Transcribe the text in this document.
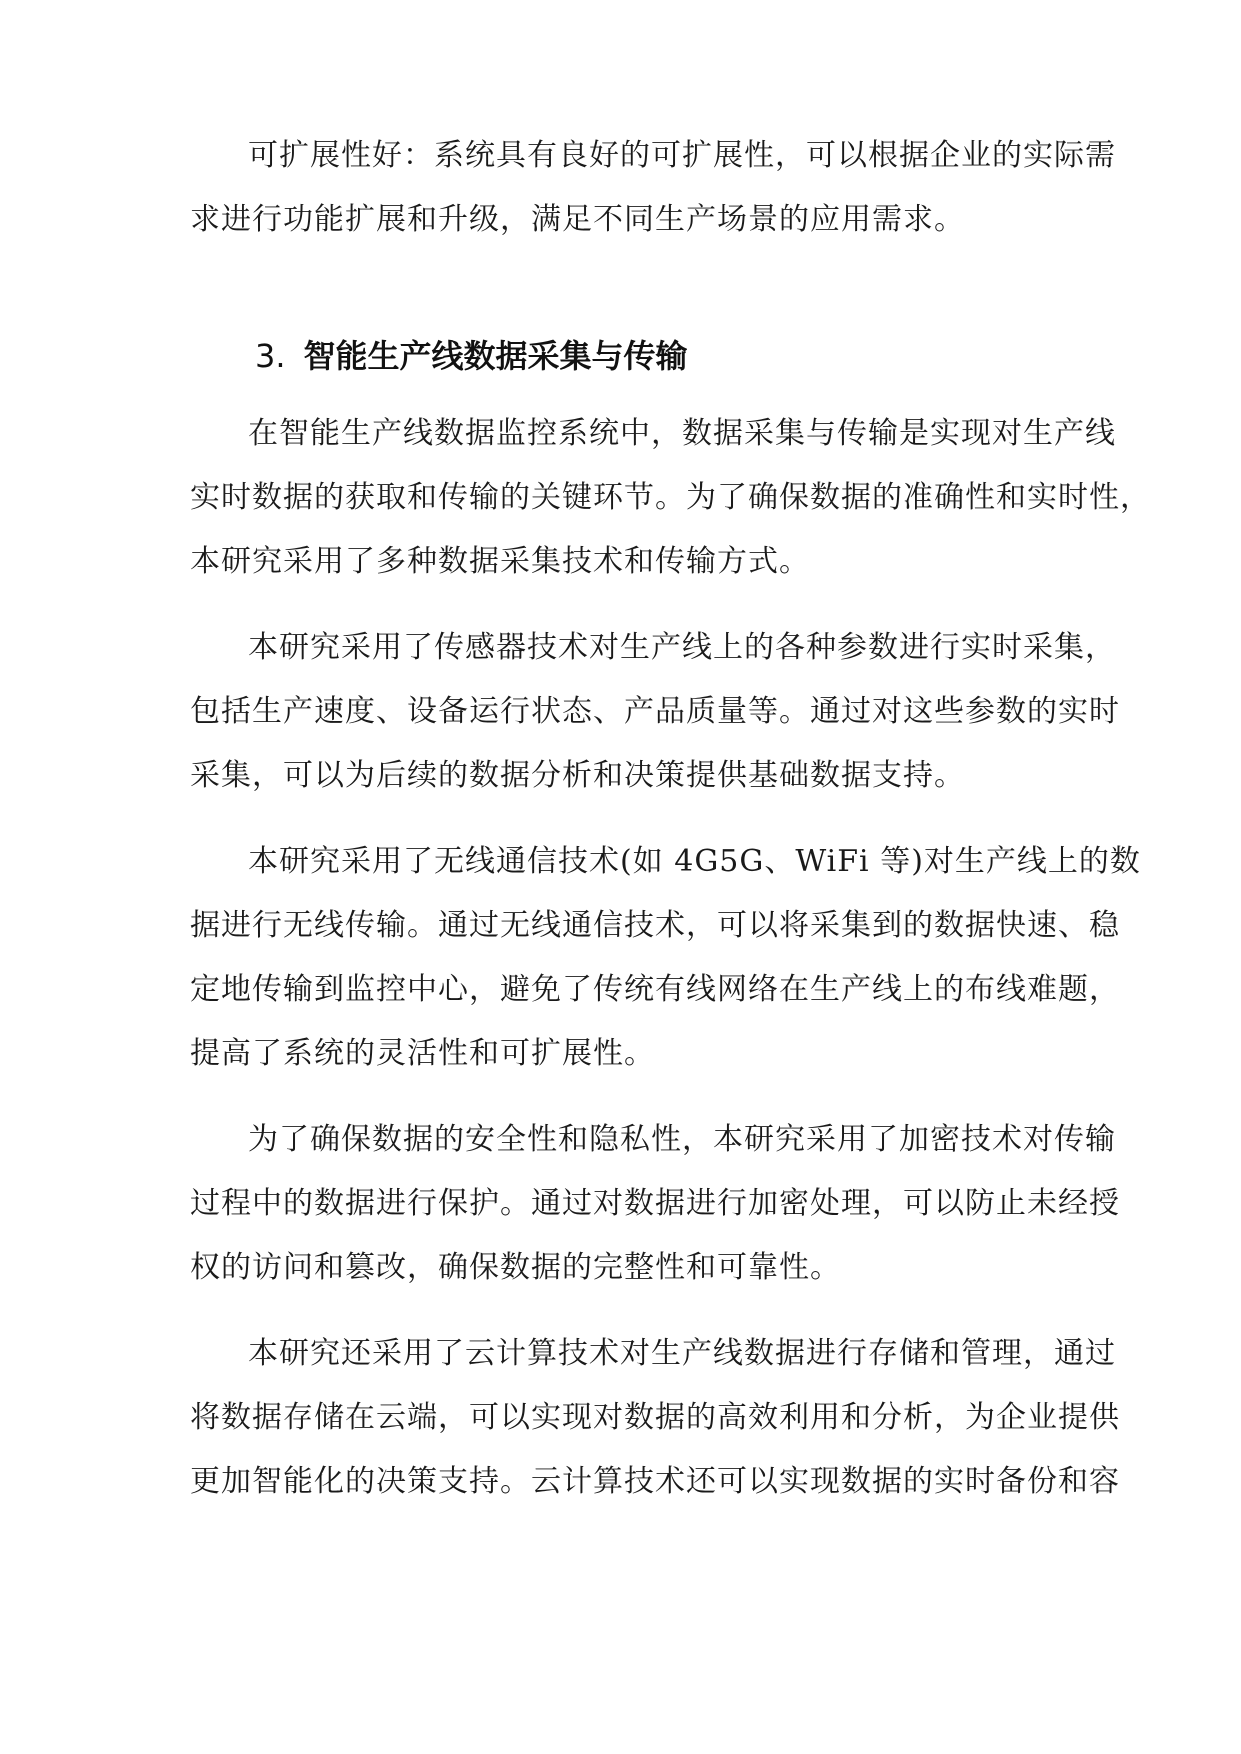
可扩展性好：系统具有良好的可扩展性，可以根据企业的实际需

求进行功能扩展和升级，满足不同生产场景的应用需求。

3. 智能生产线数据采集与传输

在智能生产线数据监控系统中，数据采集与传输是实现对生产线

实时数据的获取和传输的关键环节。为了确保数据的准确性和实时性，

本研究采用了多种数据采集技术和传输方式。

本研究采用了传感器技术对生产线上的各种参数进行实时采集，

包括生产速度、设备运行状态、产品质量等。通过对这些参数的实时

采集，可以为后续的数据分析和决策提供基础数据支持。

本研究采用了无线通信技术(如 4G5G、WiFi 等)对生产线上的数

据进行无线传输。通过无线通信技术，可以将采集到的数据快速、稳

定地传输到监控中心，避免了传统有线网络在生产线上的布线难题，

提高了系统的灵活性和可扩展性。

为了确保数据的安全性和隐私性，本研究采用了加密技术对传输

过程中的数据进行保护。通过对数据进行加密处理，可以防止未经授

权的访问和篡改，确保数据的完整性和可靠性。

本研究还采用了云计算技术对生产线数据进行存储和管理，通过

将数据存储在云端，可以实现对数据的高效利用和分析，为企业提供

更加智能化的决策支持。云计算技术还可以实现数据的实时备份和容
